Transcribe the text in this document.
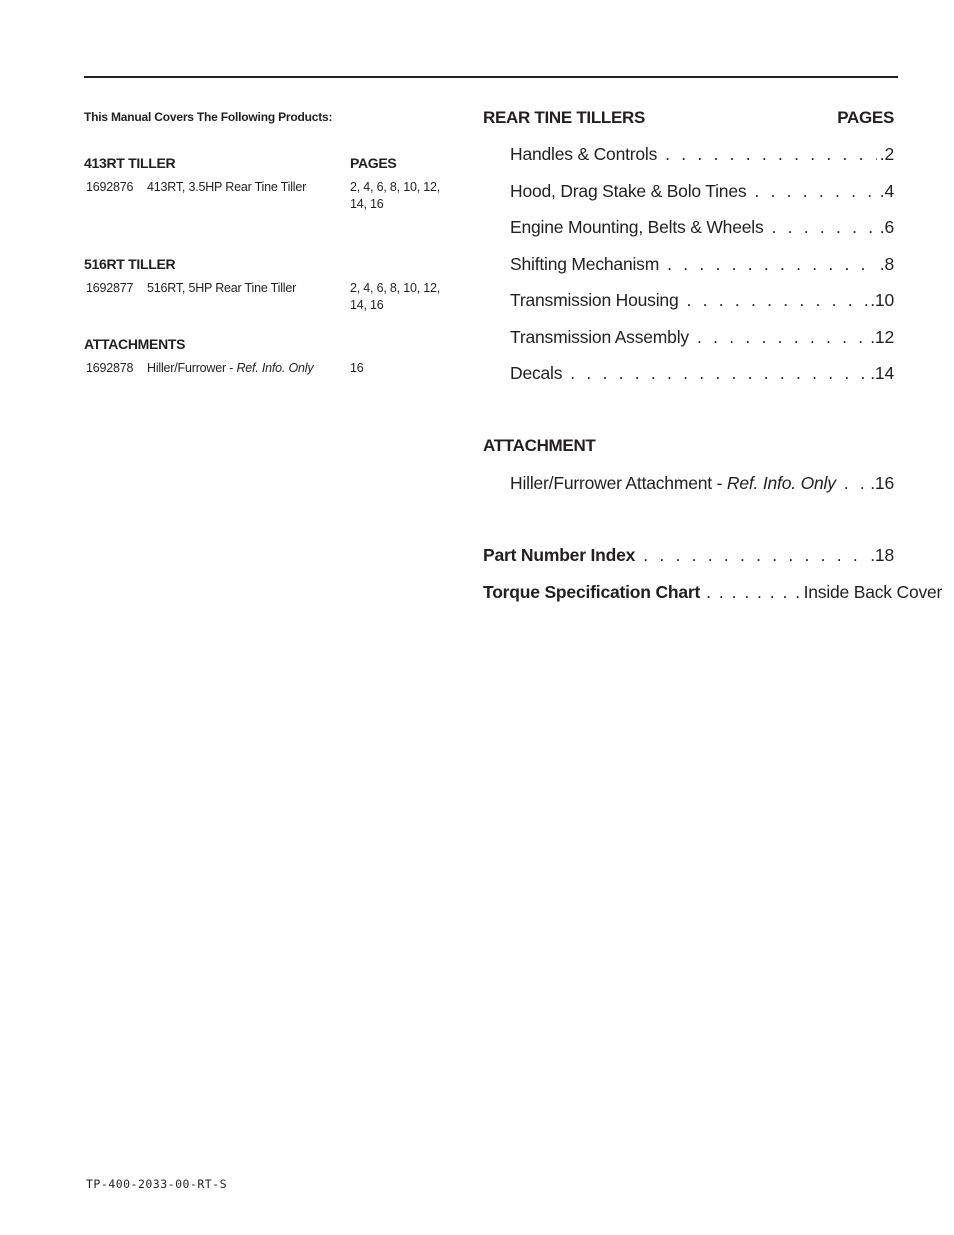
This Manual Covers The Following Products:
413RT TILLER	PAGES
1692876 413RT, 3.5HP Rear Tine Tiller	2, 4, 6, 8, 10, 12, 14, 16
516RT TILLER
1692877 516RT, 5HP Rear Tine Tiller	2, 4, 6, 8, 10, 12, 14, 16
ATTACHMENTS
1692878 Hiller/Furrower - Ref. Info. Only	16
REAR TINE TILLERS	PAGES
Handles & Controls . . .	.2
Hood, Drag Stake & Bolo Tines . . .	.4
Engine Mounting, Belts & Wheels . . .	.6
Shifting Mechanism . . .	.8
Transmission Housing . . .	.10
Transmission Assembly . . .	.12
Decals . . .	.14
ATTACHMENT
Hiller/Furrower Attachment - Ref. Info. Only . . . .16
Part Number Index . . .	.18
Torque Specification Chart . . . . . . . . Inside Back Cover
TP-400-2033-00-RT-S
